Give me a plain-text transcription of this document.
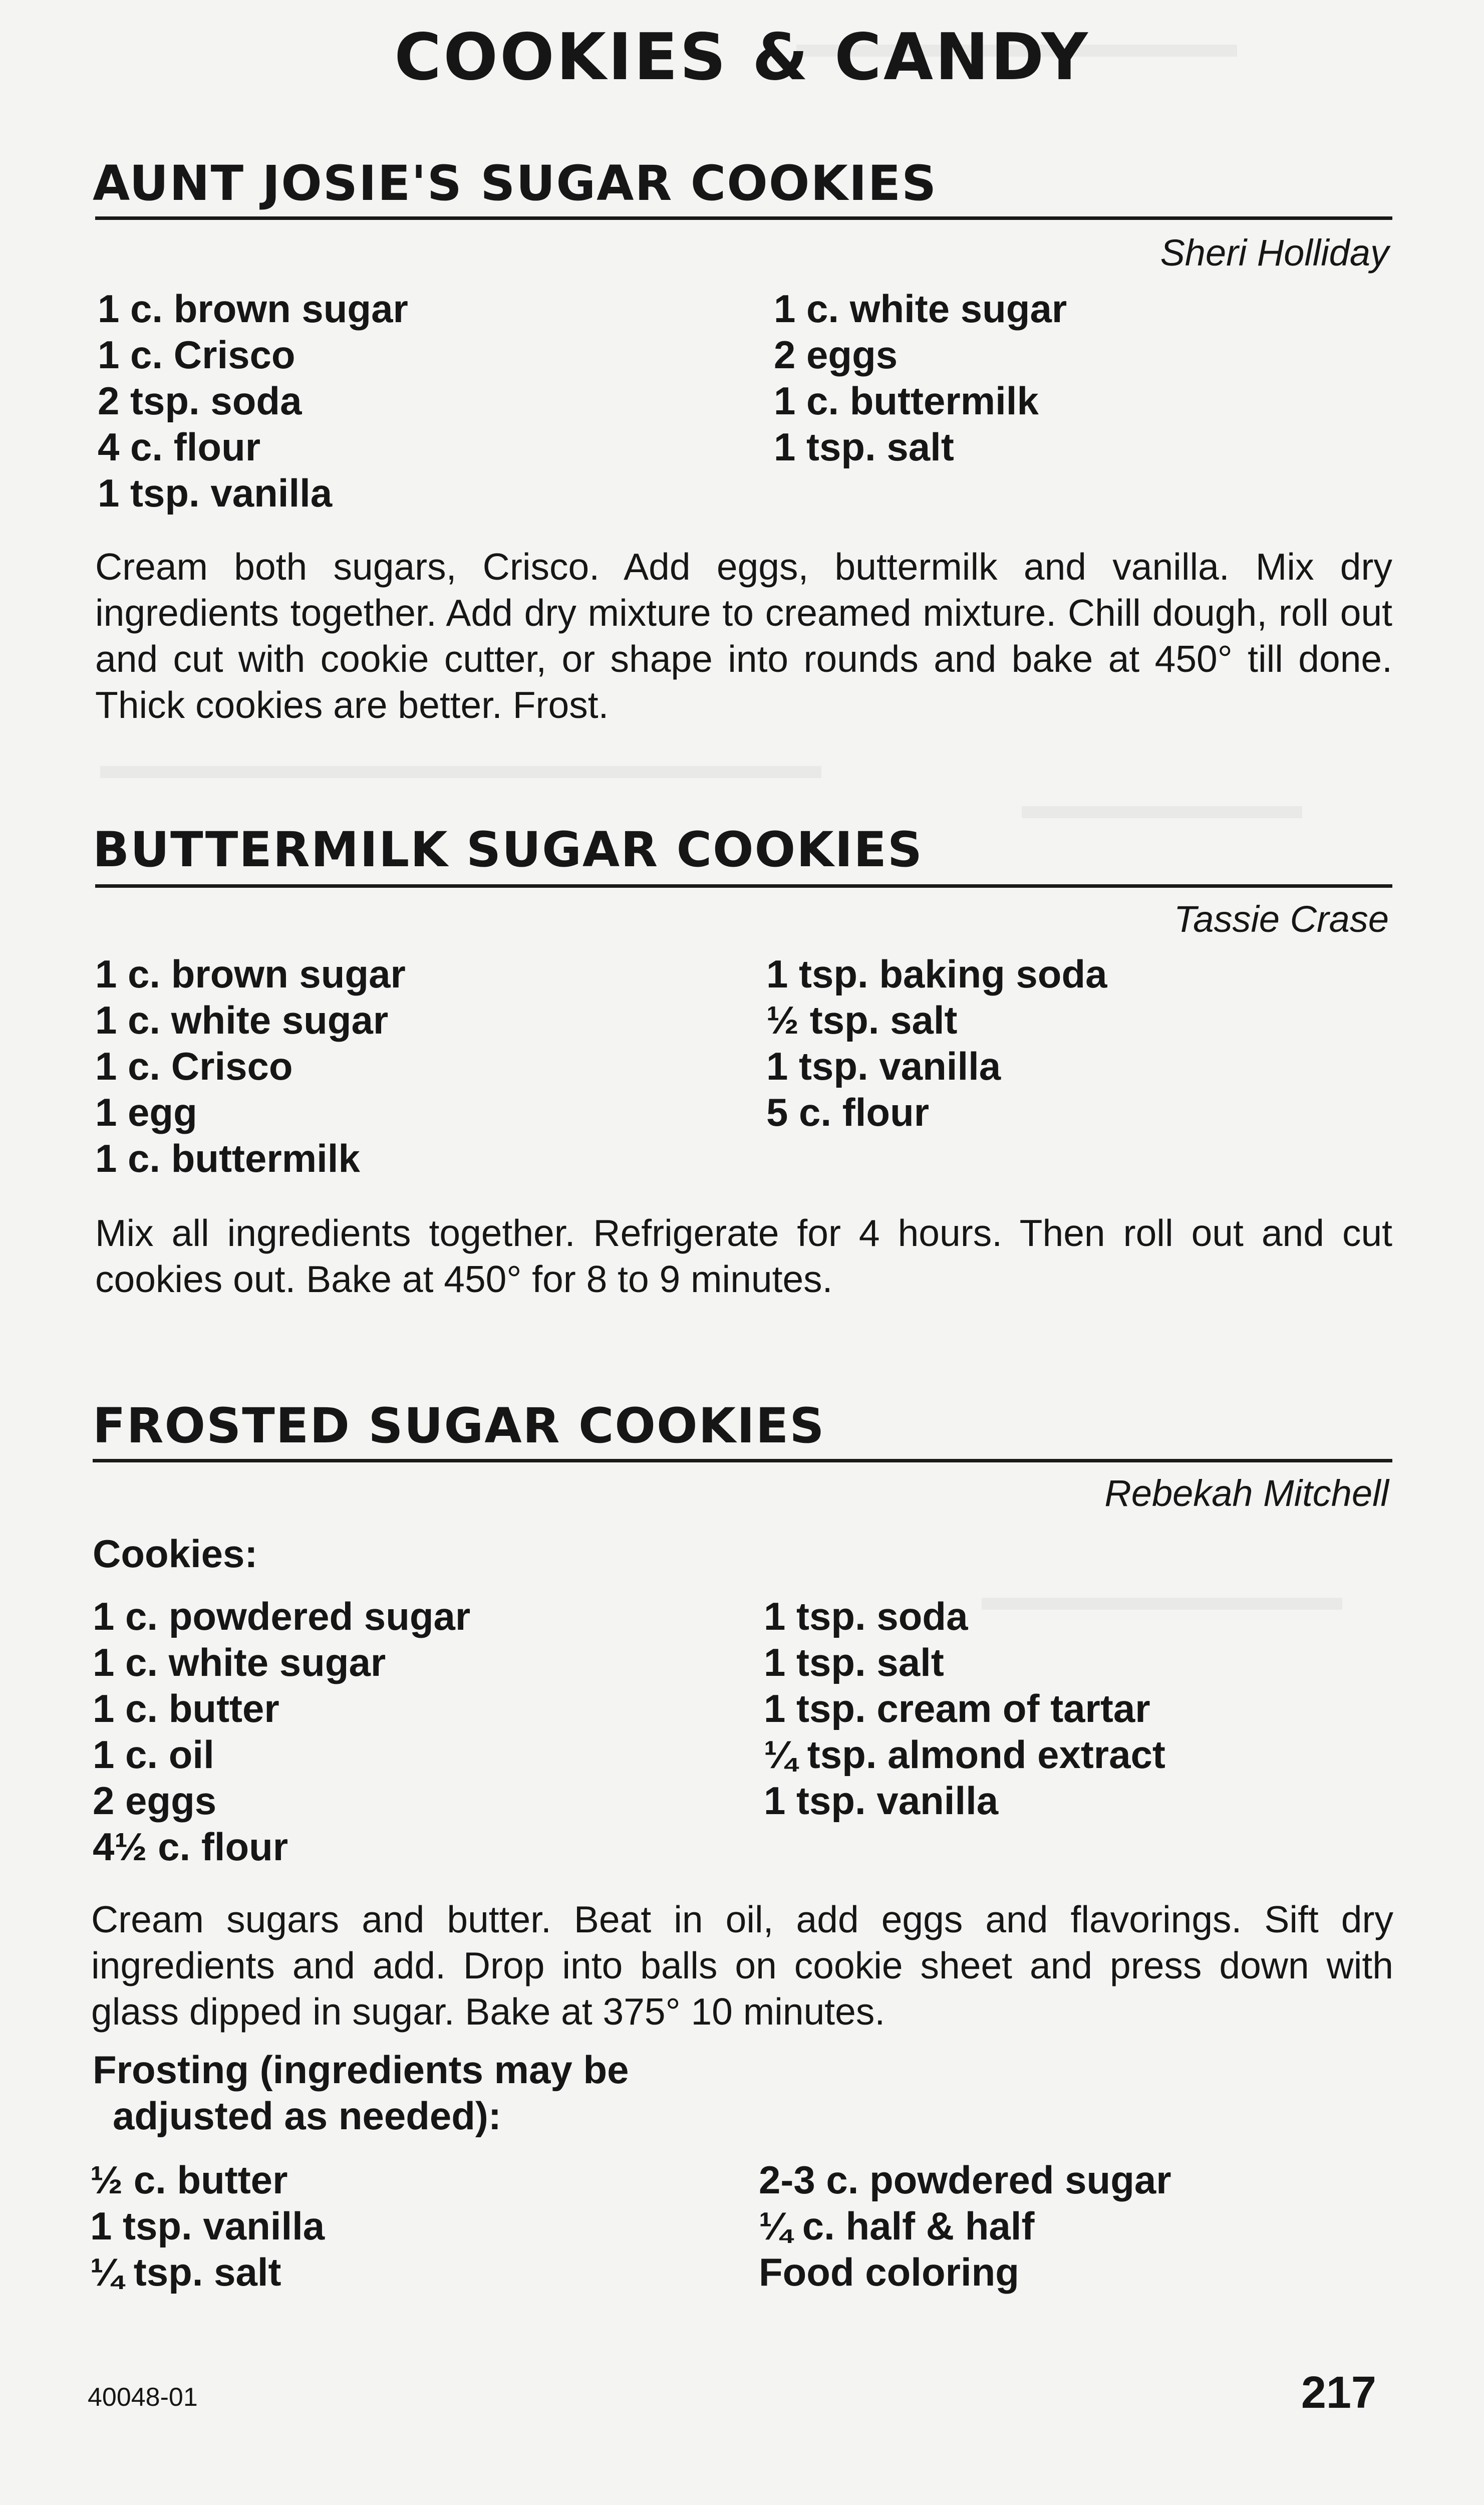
COOKIES & CANDY
AUNT JOSIE'S SUGAR COOKIES
Sheri Holliday
1 c. brown sugar
1 c. Crisco
2 tsp. soda
4 c. flour
1 tsp. vanilla
1 c. white sugar
2 eggs
1 c. buttermilk
1 tsp. salt
Cream both sugars, Crisco. Add eggs, buttermilk and vanilla. Mix dry ingredients together. Add dry mixture to creamed mixture. Chill dough, roll out and cut with cookie cutter, or shape into rounds and bake at 450° till done. Thick cookies are better. Frost.
BUTTERMILK SUGAR COOKIES
Tassie Crase
1 c. brown sugar
1 c. white sugar
1 c. Crisco
1 egg
1 c. buttermilk
1 tsp. baking soda
½ tsp. salt
1 tsp. vanilla
5 c. flour
Mix all ingredients together. Refrigerate for 4 hours. Then roll out and cut cookies out. Bake at 450° for 8 to 9 minutes.
FROSTED SUGAR COOKIES
Rebekah Mitchell
Cookies:
1 c. powdered sugar
1 c. white sugar
1 c. butter
1 c. oil
2 eggs
4½ c. flour
1 tsp. soda
1 tsp. salt
1 tsp. cream of tartar
¼ tsp. almond extract
1 tsp. vanilla
Cream sugars and butter. Beat in oil, add eggs and flavorings. Sift dry ingredients and add. Drop into balls on cookie sheet and press down with glass dipped in sugar. Bake at 375° 10 minutes.
Frosting (ingredients may be
adjusted as needed):
½ c. butter
1 tsp. vanilla
¼ tsp. salt
2-3 c. powdered sugar
¼ c. half & half
Food coloring
40048-01	217
